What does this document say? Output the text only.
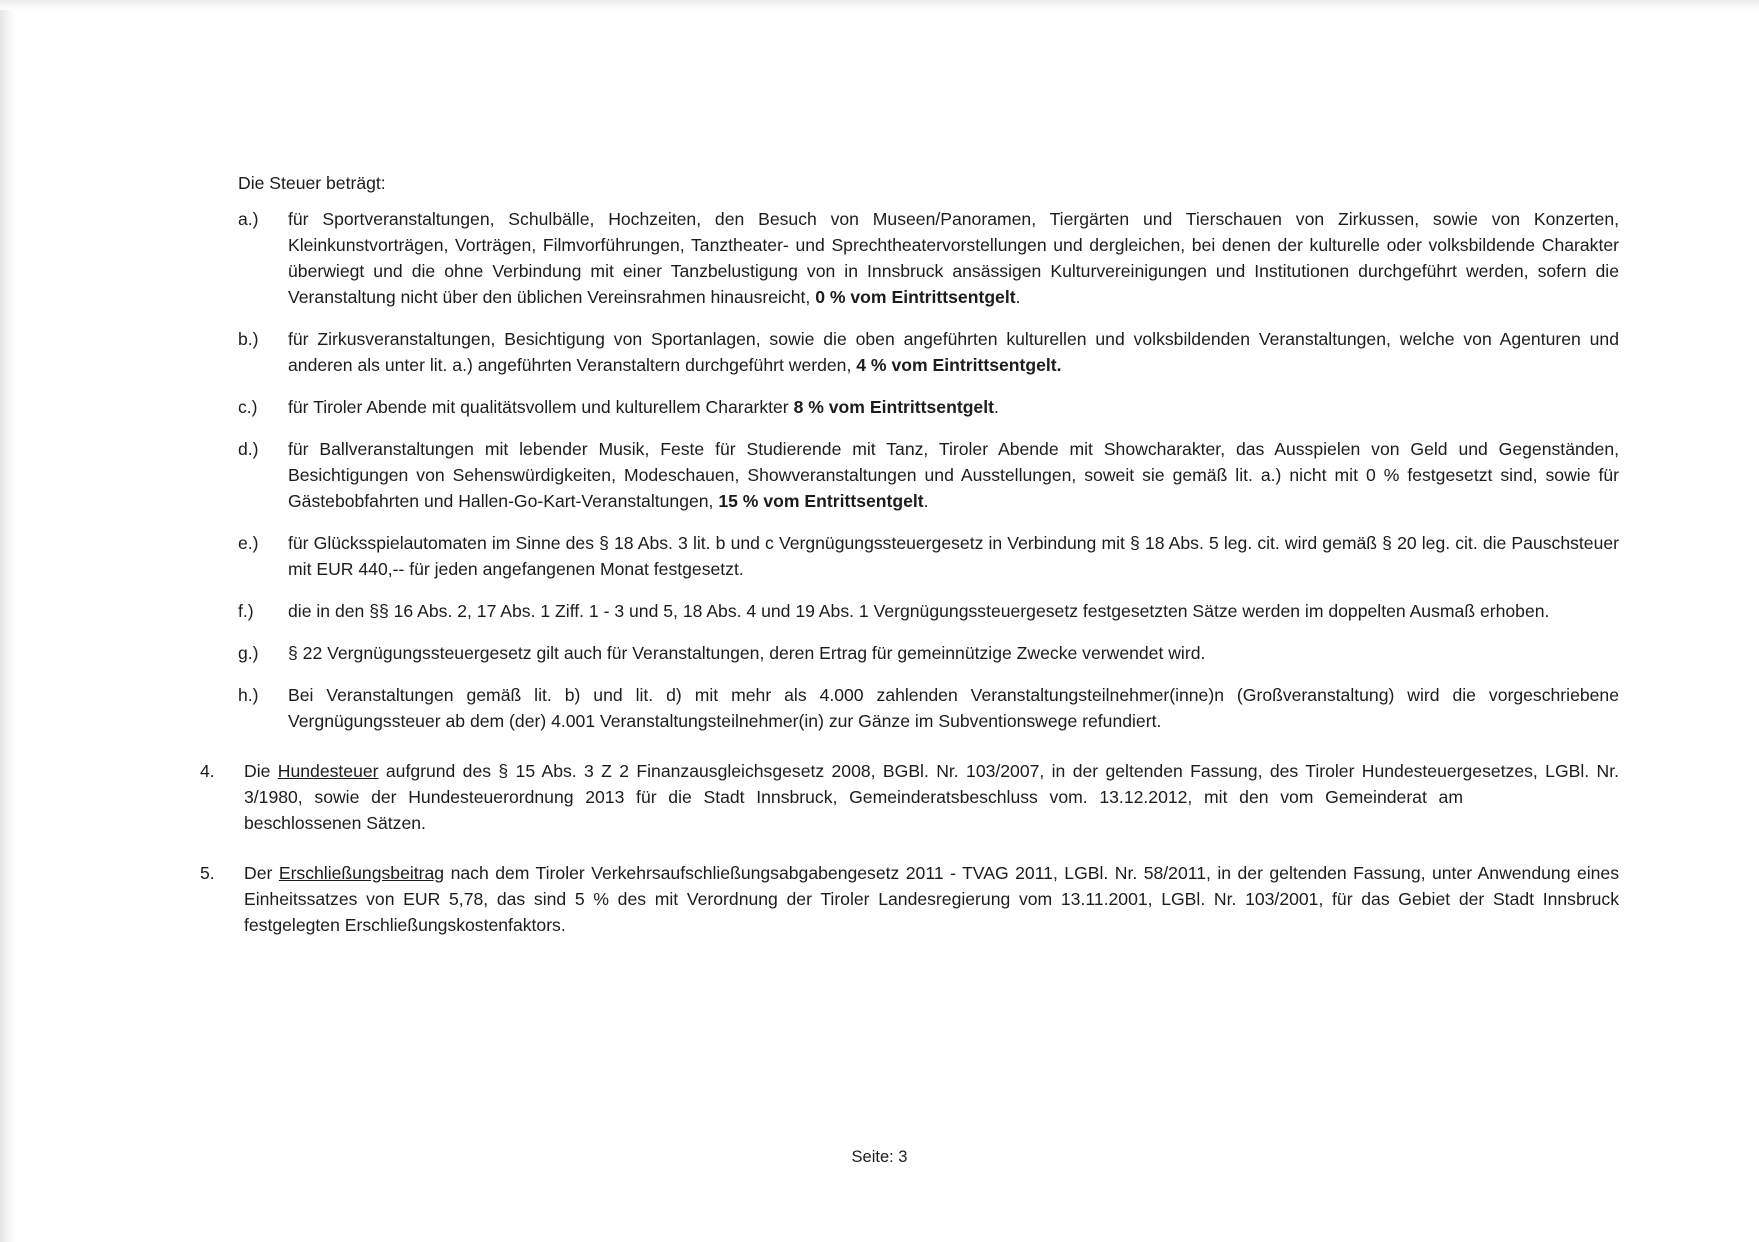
Die Steuer beträgt:

a.)	für Sportveranstaltungen, Schulbälle, Hochzeiten, den Besuch von Museen/Panoramen, Tiergärten und Tierschauen von Zirkussen, sowie von Konzerten, Kleinkunstvorträgen, Vorträgen, Filmvorführungen, Tanztheater- und Sprechtheatervorstellungen und dergleichen, bei denen der kulturelle oder volksbildende Charakter überwiegt und die ohne Verbindung mit einer Tanzbelustigung von in Innsbruck ansässigen Kulturvereinigungen und Institutionen durchgeführt werden, sofern die Veranstaltung nicht über den üblichen Vereinsrahmen hinausreicht, 0 % vom Eintrittsentgelt.
b.)	für Zirkusveranstaltungen, Besichtigung von Sportanlagen, sowie die oben angeführten kulturellen und volksbildenden Veranstaltungen, welche von Agenturen und anderen als unter lit. a.) angeführten Veranstaltern durchgeführt werden, 4 % vom Eintrittsentgelt.
c.)	für Tiroler Abende mit qualitätsvollem und kulturellem Chararkter 8 % vom Eintrittsentgelt.
d.)	für Ballveranstaltungen mit lebender Musik, Feste für Studierende mit Tanz, Tiroler Abende mit Showcharakter, das Ausspielen von Geld und Gegenständen, Besichtigungen von Sehenswürdigkeiten, Modeschauen, Showveranstaltungen und Ausstellungen, soweit sie gemäß lit. a.) nicht mit 0 % festgesetzt sind, sowie für Gästebobfahrten und Hallen-Go-Kart-Veranstaltungen, 15 % vom Entrittsentgelt.
e.)	für Glücksspielautomaten im Sinne des § 18 Abs. 3 lit. b und c Vergnügungssteuergesetz in Verbindung mit § 18 Abs. 5 leg. cit. wird gemäß § 20 leg. cit. die Pauschsteuer mit EUR 440,-- für jeden angefangenen Monat festgesetzt.
f.)	die in den §§ 16 Abs. 2, 17 Abs. 1 Ziff. 1 - 3 und 5, 18 Abs. 4 und 19 Abs. 1 Vergnügungssteuergesetz festgesetzten Sätze werden im doppelten Ausmaß erhoben.
g.)	§ 22 Vergnügungssteuergesetz gilt auch für Veranstaltungen, deren Ertrag für gemeinnützige Zwecke verwendet wird.
h.)	Bei Veranstaltungen gemäß lit. b) und lit. d) mit mehr als 4.000 zahlenden Veranstaltungsteilnehmer(inne)n (Großveranstaltung) wird die vorgeschriebene Vergnügungssteuer ab dem (der) 4.001 Veranstaltungsteilnehmer(in) zur Gänze im Subventionswege refundiert.
4.	Die Hundesteuer aufgrund des § 15 Abs. 3 Z 2 Finanzausgleichsgesetz 2008, BGBl. Nr. 103/2007, in der geltenden Fassung, des Tiroler Hundesteuergesetzes, LGBl. Nr. 3/1980, sowie der Hundesteuerordnung 2013 für die Stadt Innsbruck, Gemeinderatsbeschluss vom. 13.12.2012, mit den vom Gemeinderat ambeschlossenen Sätzen.
5.	Der Erschließungsbeitrag nach dem Tiroler Verkehrsaufschließungsabgabengesetz 2011 - TVAG 2011, LGBl. Nr. 58/2011, in der geltenden Fassung, unter Anwendung eines Einheitssatzes von EUR 5,78, das sind 5 % des mit Verordnung der Tiroler Landesregierung vom 13.11.2001, LGBl. Nr. 103/2001, für das Gebiet der Stadt Innsbruck festgelegten Erschließungskostenfaktors.
Seite: 3
